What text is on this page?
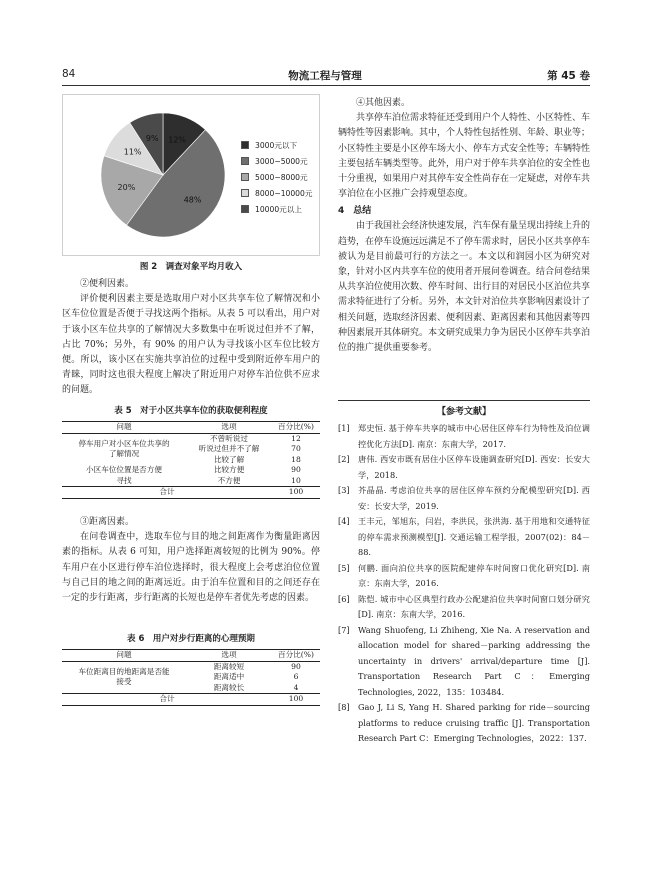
84	物流工程与管理	第 45 卷
12%
48%
20%
11%
9%
3000元以下
3000~5000元
5000~8000元
8000~10000元
10000元以上
图 2　调查对象平均月收入

②便利因素。

评价便利因素主要是选取用户对小区共享车位了解情况和小区车位位置是否便于寻找这两个指标。从表 5 可以看出，用户对于该小区车位共享的了解情况大多数集中在听说过但并不了解，占比 70%；另外，有 90% 的用户认为寻找该小区车位比较方便。所以，该小区在实施共享泊位的过程中受到附近停车用户的青睐，同时这也很大程度上解决了附近用户对停车泊位供不应求的问题。

表 5　对于小区共享车位的获取便利程度
问题	选项	百分比(%)
停车用户对小区车位共享的了解情况	不曾听说过	12
	听说过但并不了解	70
	比较了解	18
小区车位位置是否方便寻找	比较方便	90
	不方便	10
合计		100

③距离因素。

在问卷调查中，选取车位与目的地之间距离作为衡量距离因素的指标。从表 6 可知，用户选择距离较短的比例为 90%。停车用户在小区进行停车泊位选择时，很大程度上会考虑泊位位置与自己目的地之间的距离远近。由于泊车位置和目的之间还存在一定的步行距离，步行距离的长短也是停车者优先考虑的因素。

表 6　用户对步行距离的心理预期
问题	选项	百分比(%)
车位距离目的地距离是否能接受	距离较短	90
	距离适中	6
	距离较长	4
合计		100

④其他因素。

共享停车泊位需求特征还受到用户个人特性、小区特性、车辆特性等因素影响。其中，个人特性包括性别、年龄、职业等；小区特性主要是小区停车场大小、停车方式安全性等；车辆特性主要包括车辆类型等。此外，用户对于停车共享泊位的安全性也十分重视，如果用户对其停车安全性尚存在一定疑虑，对停车共享泊位在小区推广会持观望态度。

4　总结

由于我国社会经济快速发展，汽车保有量呈现出持续上升的趋势，在停车设施远远满足不了停车需求时，居民小区共享停车被认为是目前最可行的方法之一。本文以和润园小区为研究对象，针对小区内共享车位的使用者开展问卷调查。结合问卷结果从共享泊位使用次数、停车时间、出行目的对居民小区泊位共享需求特征进行了分析。另外，本文针对泊位共享影响因素设计了相关问题，选取经济因素、便利因素、距离因素和其他因素等四种因素展开其体研究。本文研究成果力争为居民小区停车共享泊位的推广提供重要参考。

【参考文献】
[1]	郑史恒. 基于停车共享的城市中心居住区停车行为特性及泊位调控优化方法[D]. 南京：东南大学，2017.
[2]	唐伟. 西安市既有居住小区停车设施调查研究[D]. 西安：长安大学，2018.
[3]	芥晶晶. 考虑泊位共享的居住区停车预约分配模型研究[D]. 西安：长安大学，2019.
[4]	王丰元，邹旭东，闫岩，李洪民，张洪海. 基于用地和交通特征的停车需求预测模型[J]. 交通运输工程学报，2007(02)：84－88.
[5]	何鹏. 面向泊位共享的医院配建停车时间窗口优化研究[D]. 南京：东南大学，2016.
[6]	陈恺. 城市中心区典型行政办公配建泊位共享时间窗口划分研究[D]. 南京：东南大学，2016.
[7]	Wang Shuofeng, Li Zhiheng, Xie Na. A reservation and allocation model for shared－parking addressing the uncertainty in drivers' arrival/departure time [J]. Transportation Research Part C：Emerging Technologies, 2022，135：103484.
[8]	Gao J, Li S, Yang H. Shared parking for ride－sourcing platforms to reduce cruising traffic [J]. Transportation Research Part C：Emerging Technologies，2022：137.
